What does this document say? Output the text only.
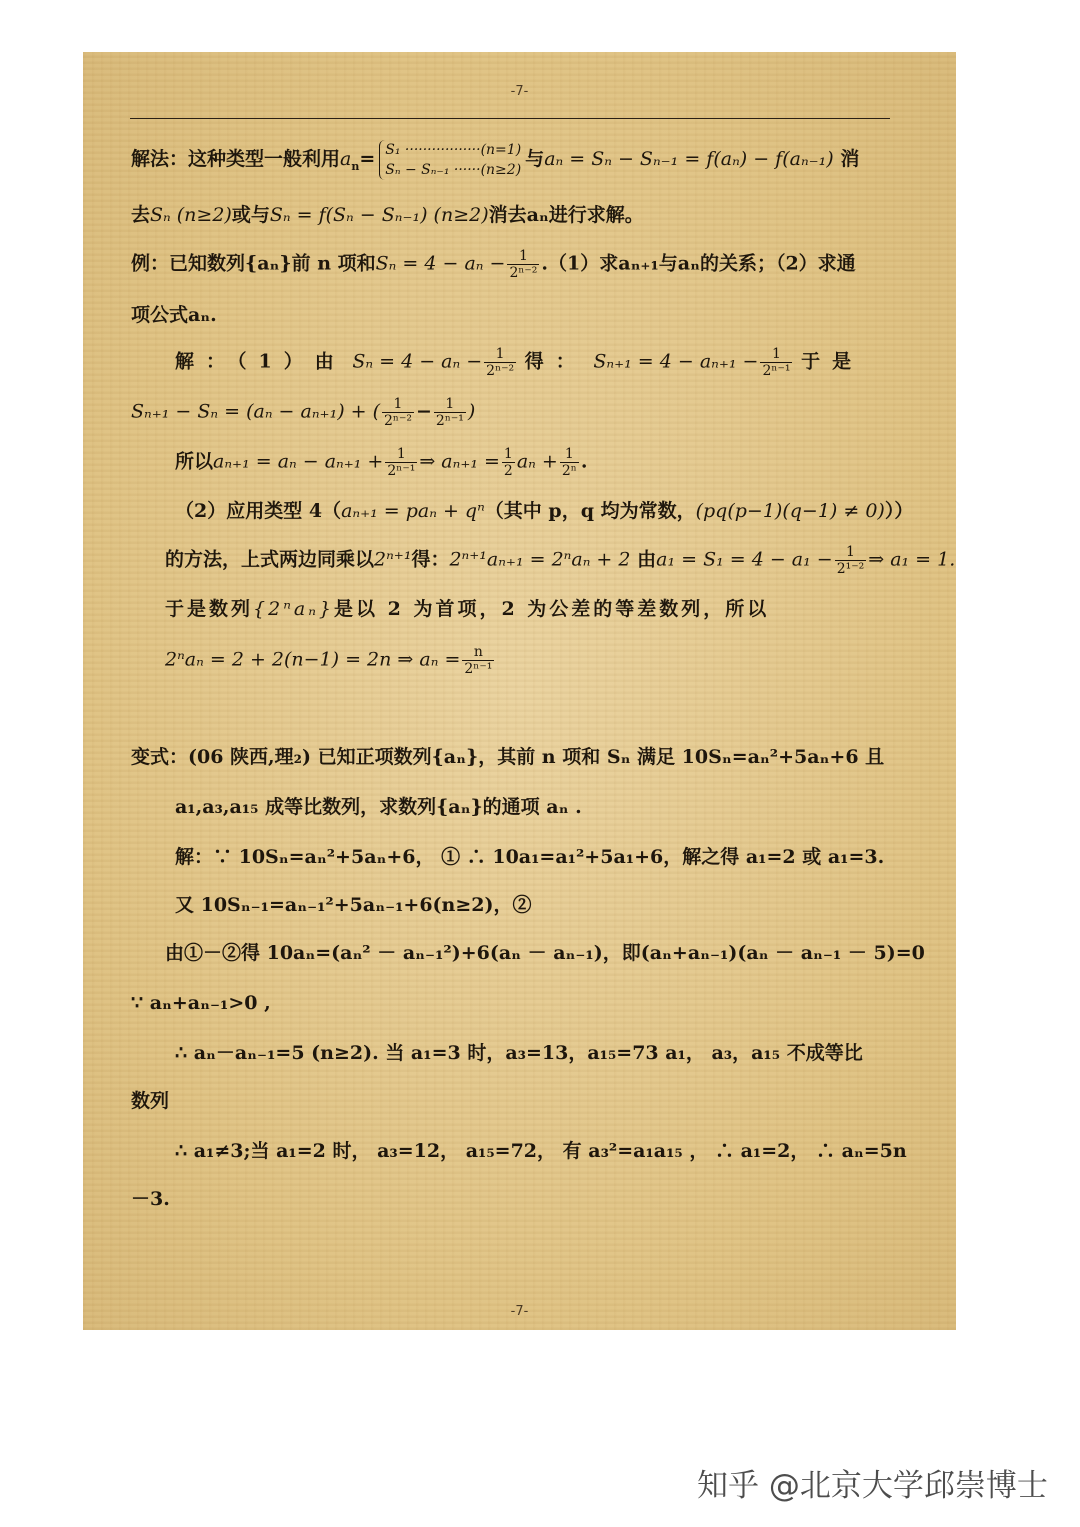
-7-
解法：这种类型一般利用$a_n= S_1 \cdot\cdot\cdot\cdot\cdot\cdot\cdot\cdot\cdot\cdot\cdot\cdot\cdot\cdot\cdot\cdot\cdot(n=1)$
Sₙ − Sₙ₋₁ ······(n≥2) 与aₙ = Sₙ − Sₙ₋₁ = f(aₙ) − f(aₙ₋₁) 消
去Sₙ (n≥2)或与Sₙ = f(Sₙ − Sₙ₋₁) (n≥2)消去aₙ进行求解。
例：已知数列{aₙ}前 n 项和$S_n = 4 - a_n - \frac{1}{\text{2ⁿ⁻²}} .(1)$求aₙ₊₁与aₙ的关系；（2）求通
项公式aₙ.
解：（1）由 $S_n = 4 - a_n - \frac{1}{\text{2ⁿ⁻²}}$ 得： $S_{n+1} = 4 - a_{n+1} - \frac{1}{\text{2ⁿ⁻¹}}$ 于是
Sₙ₊₁ − Sₙ = (aₙ − aₙ₊₁) + ( $\frac{1}{\text{2ⁿ⁻²}} - \frac{1}{\text{2ⁿ⁻¹}}$ )
所以$a_{n+1} = a_n - a_{n+1} + \frac{1}{\text{2ⁿ⁻¹}}$ ⇒ $a_{n+1} = \frac{1}{2}$ $a_n + \frac{1}{\text{2ⁿ}}$ .
（2）应用类型 4（aₙ₊₁ = paₙ + qⁿ（其中 p，q 均为常数，(pq(p−1)(q−1) ≠ 0)））
的方法，上式两边同乘以2ⁿ⁺¹得：2ⁿ⁺¹aₙ₊₁ = 2ⁿaₙ + 2 由$a_1 = S_1 = 4 - a_1 - \frac{1}{\text{2¹⁻²}}$ ⇒ a₁ = 1.
于是数列{2ⁿaₙ}是以 2 为首项，2 为公差的等差数列，所以
2ⁿaₙ = 2 + 2(n−1) = 2n ⇒ $a_n = \frac{n}{\text{2ⁿ⁻¹}}$
变式：(06 陕西,理₂) 已知正项数列{aₙ}，其前 n 项和 Sₙ 满足 10Sₙ=aₙ²+5aₙ+6 且
a₁,a₃,a₁₅ 成等比数列，求数列{aₙ}的通项 aₙ .
解：∵ 10Sₙ=aₙ²+5aₙ+6， ① ∴ 10a₁=a₁²+5a₁+6，解之得 a₁=2 或 a₁=3.
又 10Sₙ₋₁=aₙ₋₁²+5aₙ₋₁+6(n≥2)，②
由①－②得 10aₙ=(aₙ² － aₙ₋₁²)+6(aₙ － aₙ₋₁)，即(aₙ+aₙ₋₁)(aₙ － aₙ₋₁ － 5)=0
∵ aₙ+aₙ₋₁>0 ,
∴ aₙ－aₙ₋₁=5 (n≥2). 当 a₁=3 时，a₃=13，a₁₅=73 a₁， a₃，a₁₅ 不成等比
数列
∴ a₁≠3;当 a₁=2 时， a₃=12， a₁₅=72， 有 a₃²=a₁a₁₅ ， ∴ a₁=2， ∴ aₙ=5n
－3.
-7-
知乎 @北京大学邱崇博士
